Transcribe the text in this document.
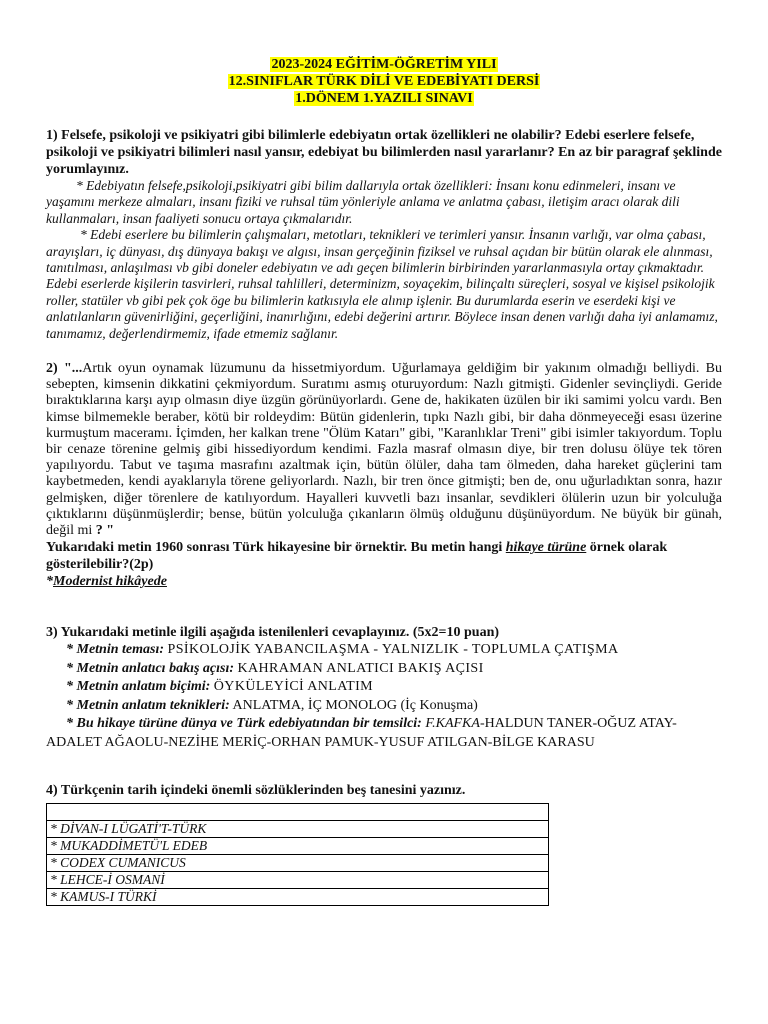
2023-2024 EĞİTİM-ÖĞRETİM YILI
12.SINIFLAR TÜRK DİLİ VE EDEBİYATI DERSİ
1.DÖNEM 1.YAZILI SINAVI

1) Felsefe, psikoloji ve psikiyatri gibi bilimlerle edebiyatın ortak özellikleri ne olabilir? Edebi eserlere felsefe, psikoloji ve psikiyatri bilimleri nasıl yansır, edebiyat bu bilimlerden nasıl yararlanır? En az bir paragraf şeklinde yorumlayınız.

* Edebiyatın felsefe,psikoloji,psikiyatri gibi bilim dallarıyla ortak özellikleri: İnsanı konu edinmeleri, insanı ve yaşamını merkeze almaları, insanı fiziki ve ruhsal tüm yönleriyle anlama ve anlatma çabası, iletişim aracı olarak dili kullanmaları, insan faaliyeti sonucu ortaya çıkmalarıdır.

* Edebi eserlere bu bilimlerin çalışmaları, metotları, teknikleri ve terimleri yansır. İnsanın varlığı, var olma çabası, arayışları, iç dünyası, dış dünyaya bakışı ve algısı, insan gerçeğinin fiziksel ve ruhsal açıdan bir bütün olarak ele alınması, tanıtılması, anlaşılması vb gibi doneler edebiyatın ve adı geçen bilimlerin birbirinden yararlanmasıyla ortay çıkmaktadır. Edebi eserlerde kişilerin tasvirleri, ruhsal tahlilleri, determinizm, soyaçekim, bilinçaltı süreçleri, sosyal ve kişisel psikolojik roller, statüler vb gibi pek çok öge bu bilimlerin katkısıyla ele alınıp işlenir. Bu durumlarda eserin ve eserdeki kişi ve anlatılanların güvenirliğini, geçerliğini, inanırlığını, edebi değerini artırır. Böylece insan denen varlığı daha iyi anlamamız, tanımamız, değerlendirmemiz, ifade etmemiz sağlanır.

2) "...Artık oyun oynamak lüzumunu da hissetmiyordum. Uğurlamaya geldiğim bir yakınım olmadığı belliydi. Bu sebepten, kimsenin dikkatini çekmiyordum. Suratımı asmış oturuyordum: Nazlı gitmişti. Gidenler sevinçliydi. Geride bıraktıklarına karşı ayıp olmasın diye üzgün görünüyorlardı. Gene de, hakikaten üzülen bir iki samimi yolcu vardı. Ben kimse bilmemekle beraber, kötü bir roldeydim: Bütün gidenlerin, tıpkı Nazlı gibi, bir daha dönmeyeceği esası üzerine kurmuştum maceramı. İçimden, her kalkan trene "Ölüm Katarı" gibi, "Karanlıklar Treni" gibi isimler takıyordum. Toplu bir cenaze törenine gelmiş gibi hissediyordum kendimi. Fazla masraf olmasın diye, bir tren dolusu ölüye tek tören yapılıyordu. Tabut ve taşıma masrafını azaltmak için, bütün ölüler, daha tam ölmeden, daha hareket güçlerini tam kaybetmeden, kendi ayaklarıyla törene geliyorlardı. Nazlı, bir tren önce gitmişti; ben de, onu uğurladıktan sonra, hazır gelmişken, diğer törenlere de katılıyordum. Hayalleri kuvvetli bazı insanlar, sevdikleri ölülerin uzun bir yolculuğa çıktıklarını düşünmüşlerdir; bense, bütün yolculuğa çıkanların ölmüş olduğunu düşünüyordum. Ne büyük bir günah, değil mi ? "

Yukarıdaki metin 1960 sonrası Türk hikayesine bir örnektir. Bu metin hangi hikaye türüne örnek olarak gösterilebilir?(2p)

*Modernist hikâyede

3) Yukarıdaki metinle ilgili aşağıda istenilenleri cevaplayınız. (5x2=10 puan)

* Metnin teması: PSİKOLOJİK YABANCILAŞMA - YALNIZLIK - TOPLUMLA ÇATIŞMA
* Metnin anlatıcı bakış açısı: KAHRAMAN ANLATICI BAKIŞ AÇISI
* Metnin anlatım biçimi: ÖYKÜLEYİCİ ANLATIM
* Metnin anlatım teknikleri: ANLATMA, İÇ MONOLOG (İç Konuşma)
* Bu hikaye türüne dünya ve Türk edebiyatından bir temsilci: F.KAFKA-HALDUN TANER-OĞUZ ATAY-ADALET AĞAOLU-NEZİHE MERİÇ-ORHAN PAMUK-YUSUF ATILGAN-BİLGE KARASU

4) Türkçenin tarih içindeki önemli sözlüklerinden beş tanesini yazınız.

* DİVAN-I LÜGATİ'T-TÜRK
* MUKADDİMETÜ'L EDEB
* CODEX CUMANICUS
* LEHCE-İ OSMANİ
* KAMUS-I TÜRKİ
